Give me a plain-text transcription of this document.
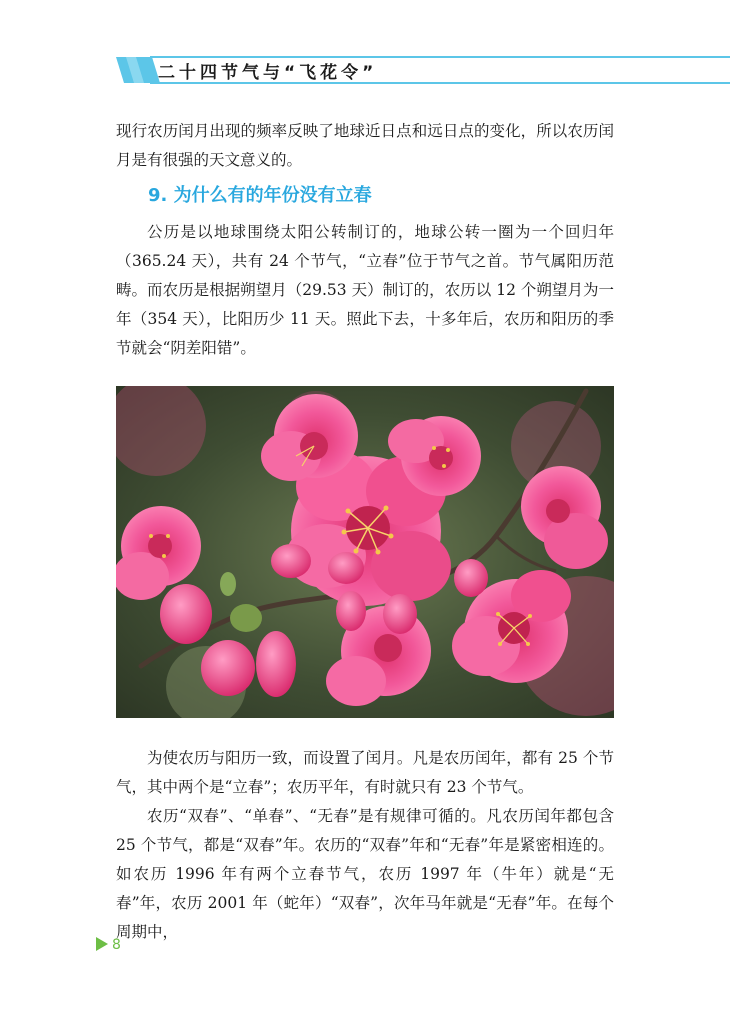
二十四节气与“飞花令”
现行农历闰月出现的频率反映了地球近日点和远日点的变化，所以农历闰月是有很强的天文意义的。
9. 为什么有的年份没有立春
公历是以地球围绕太阳公转制订的，地球公转一圈为一个回归年（365.24 天），共有 24 个节气，“立春”位于节气之首。节气属阳历范畴。而农历是根据朔望月（29.53 天）制订的，农历以 12 个朔望月为一年（354 天），比阳历少 11 天。照此下去，十多年后，农历和阳历的季节就会“阴差阳错”。
为使农历与阳历一致，而设置了闰月。凡是农历闰年，都有 25 个节气，其中两个是“立春”；农历平年，有时就只有 23 个节气。
农历“双春”、“单春”、“无春”是有规律可循的。凡农历闰年都包含 25 个节气，都是“双春”年。农历的“双春”年和“无春”年是紧密相连的。如农历 1996 年有两个立春节气，农历 1997 年（牛年）就是“无春”年，农历 2001 年（蛇年）“双春”，次年马年就是“无春”年。在每个周期中，
8
